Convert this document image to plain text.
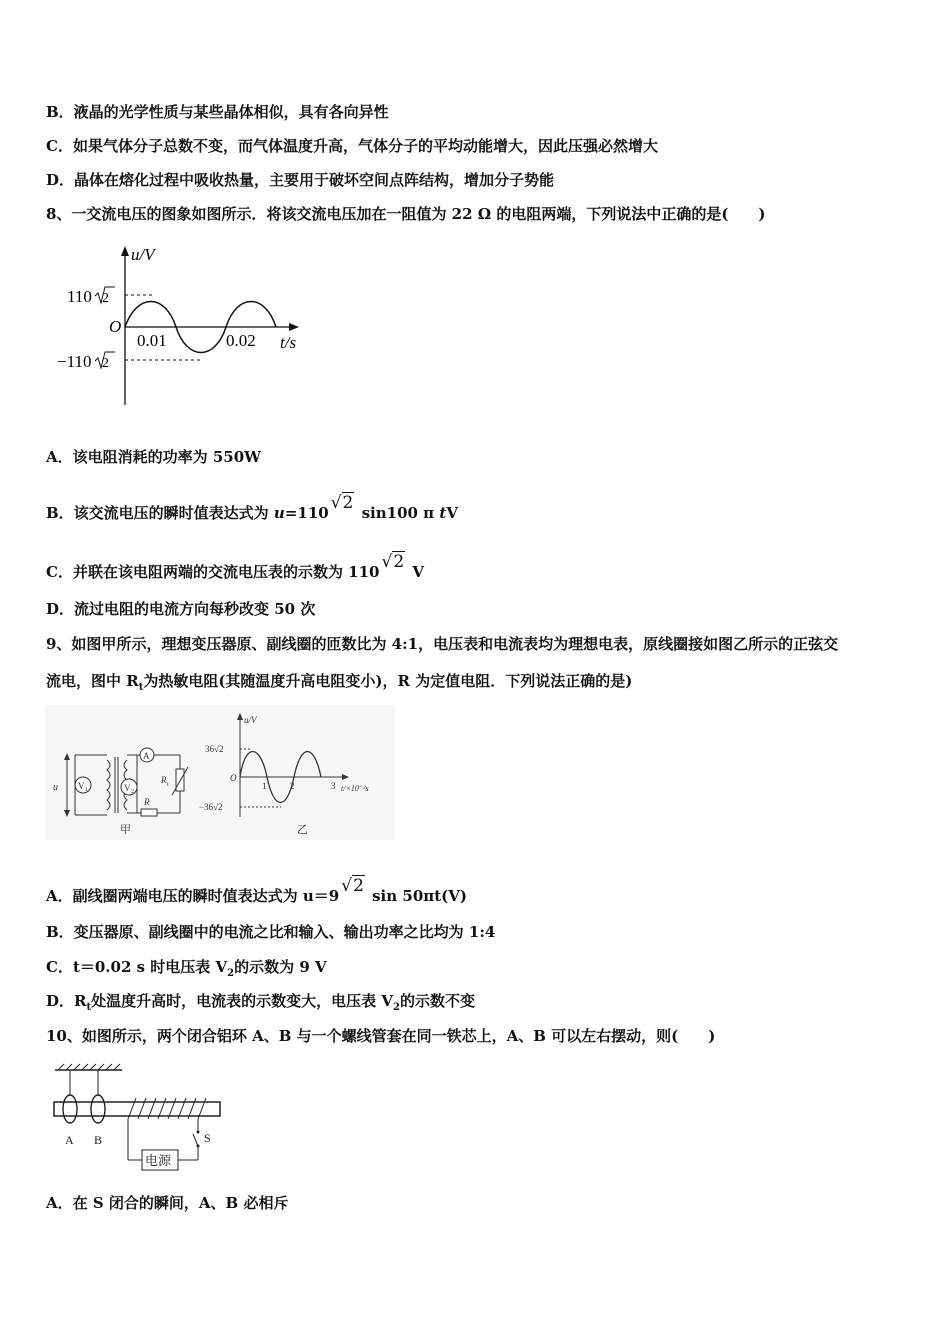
B．液晶的光学性质与某些晶体相似，具有各向异性
C．如果气体分子总数不变，而气体温度升高，气体分子的平均动能增大，因此压强必然增大
D．晶体在熔化过程中吸收热量，主要用于破坏空间点阵结构，增加分子势能
8、一交流电压的图象如图所示．将该交流电压加在一阻值为 22 Ω 的电阻两端，下列说法中正确的是(　　)
u/V
110 2
O
−110 2
0.01	0.02 t/s
A．该电阻消耗的功率为 550W
B．该交流电压的瞬时值表达式为 u=110 √2 sin100 π tV
C．并联在该电阻两端的交流电压表的示数为 110 √2 V
D．流过电阻的电流方向每秒改变 50 次
9、如图甲所示，理想变压器原、副线圈的匝数比为 4:1，电压表和电流表均为理想电表，原线圈接如图乙所示的正弦交
流电，图中 $R_t$为热敏电阻(其随温度升高电阻变小)，R 为定值电阻．下列说法正确的是)
u V 1	V 2
A
R t
R
甲
u/V
36√2
O
−36√2
1	2	3 t/×10⁻²s
乙
A．副线圈两端电压的瞬时值表达式为 u＝9 √2 sin 50πt(V)
B．变压器原、副线圈中的电流之比和输入、输出功率之比均为 1:4
C．t＝0.02 s 时电压表 $V_2$的示数为 9 V
D．$R_t$处温度升高时，电流表的示数变大，电压表 $V_2$的示数不变
10、如图所示，两个闭合铝环 A、B 与一个螺线管套在同一铁芯上，A、B 可以左右摆动，则(　　)
电源
S
A B
A．在 S 闭合的瞬间，A、B 必相斥
